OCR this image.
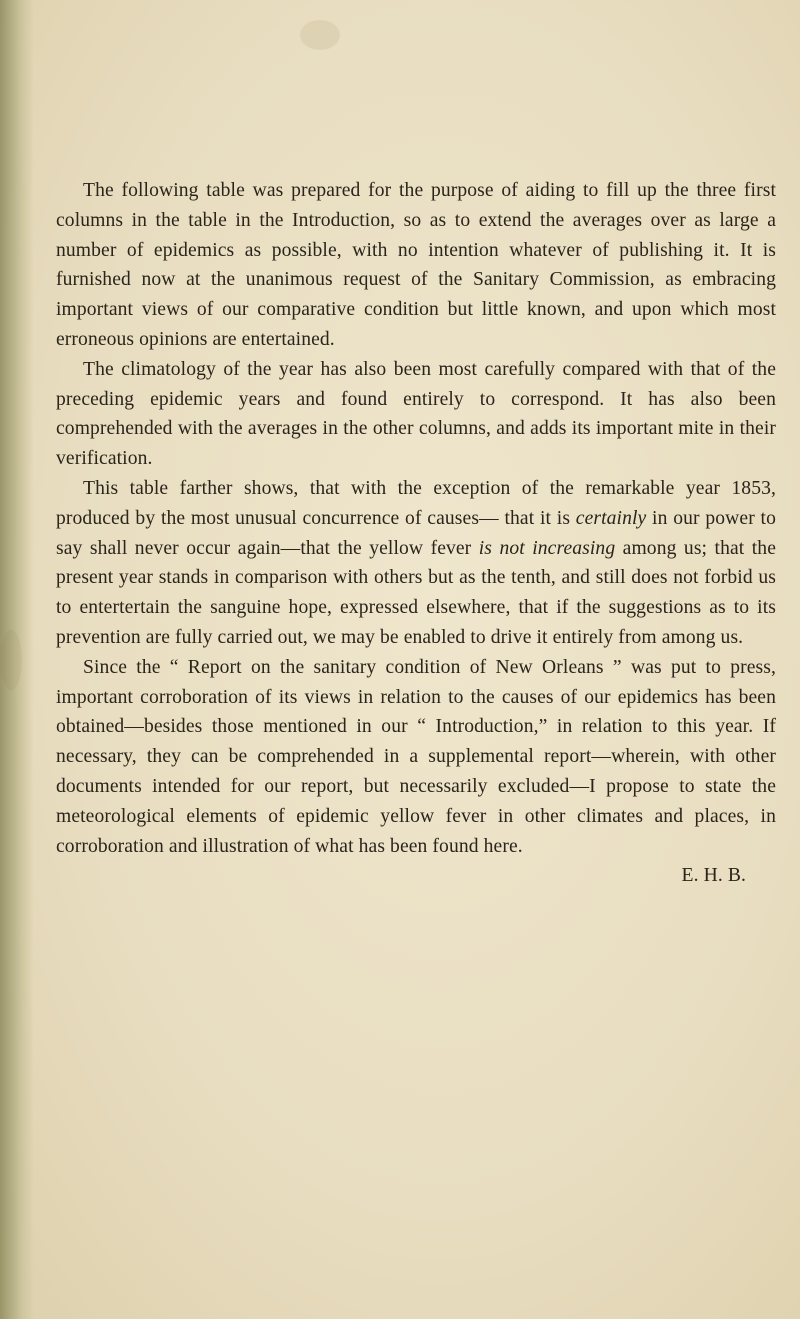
The following table was prepared for the purpose of aiding to fill up the three first columns in the table in the Introduction, so as to extend the averages over as large a number of epidemics as possible, with no intention whatever of publishing it. It is furnished now at the unanimous request of the Sanitary Commission, as embracing important views of our comparative condition but little known, and upon which most erroneous opinions are entertained.

The climatology of the year has also been most carefully compared with that of the preceding epidemic years and found entirely to correspond. It has also been comprehended with the averages in the other columns, and adds its important mite in their verification.

This table farther shows, that with the exception of the remarkable year 1853, produced by the most unusual concurrence of causes— that it is certainly in our power to say shall never occur again—that the yellow fever is not increasing among us; that the present year stands in comparison with others but as the tenth, and still does not forbid us to entertertain the sanguine hope, expressed elsewhere, that if the suggestions as to its prevention are fully carried out, we may be enabled to drive it entirely from among us.

Since the “ Report on the sanitary condition of New Orleans ” was put to press, important corroboration of its views in relation to the causes of our epidemics has been obtained—besides those mentioned in our “ Introduction,” in relation to this year. If necessary, they can be comprehended in a supplemental report—wherein, with other documents intended for our report, but necessarily excluded—I propose to state the meteorological elements of epidemic yellow fever in other climates and places, in corroboration and illustration of what has been found here.

E. H. B.
